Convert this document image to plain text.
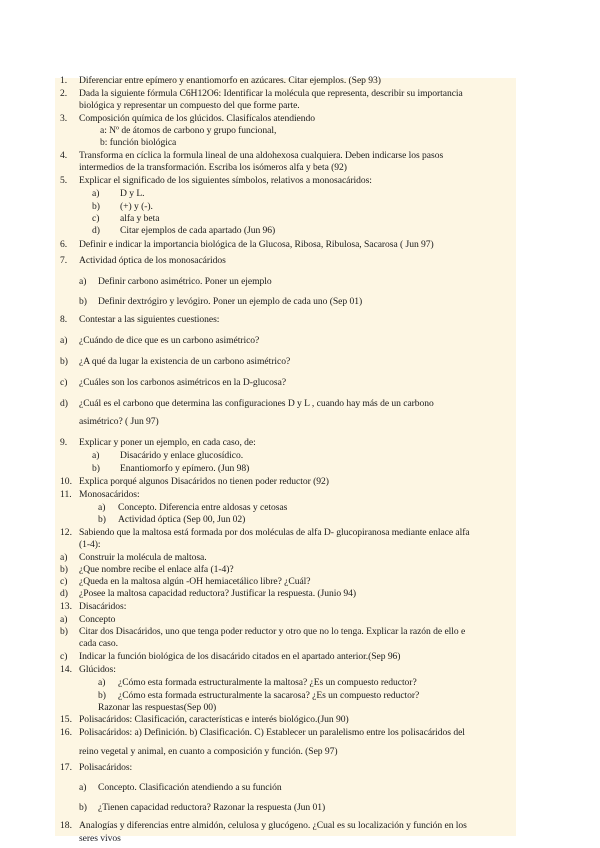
1. Diferenciar entre epímero y enantiomorfo en azúcares. Citar ejemplos. (Sep 93)
2. Dada la siguiente fórmula C6H12O6: Identificar la molécula que representa, describir su importancia
biológica y representar un compuesto del que forme parte.
3. Composición química de los glúcidos. Clasifícalos atendiendo
a: Nº de átomos de carbono y grupo funcional,
b: función biológica
4. Transforma en cíclica la formula lineal de una aldohexosa cualquiera. Deben indicarse los pasos
intermedios de la transformación. Escriba los isómeros alfa y beta (92)
5. Explicar el significado de los siguientes símbolos, relativos a monosacáridos:
a) D y L.
b) (+) y (-).
c) alfa y beta
d) Citar ejemplos de cada apartado (Jun 96)
6. Definir e indicar la importancia biológica de la Glucosa, Ribosa, Ribulosa, Sacarosa ( Jun 97)
7. Actividad óptica de los monosacáridos
a) Definir carbono asimétrico. Poner un ejemplo
b) Definir dextrógiro y levógiro. Poner un ejemplo de cada uno (Sep 01)
8. Contestar a las siguientes cuestiones:
a) ¿Cuándo de dice que es un carbono asimétrico?
b) ¿A qué da lugar la existencia de un carbono asimétrico?
c) ¿Cuáles son los carbonos asimétricos en la D-glucosa?
d) ¿Cuál es el carbono que determina las configuraciones D y L , cuando hay más de un carbono
asimétrico? ( Jun 97)
9. Explicar y poner un ejemplo, en cada caso, de:
a) Disacárido y enlace glucosídico.
b) Enantiomorfo y epímero. (Jun 98)
10. Explica porqué algunos Disacáridos no tienen poder reductor (92)
11. Monosacáridos:
a) Concepto. Diferencia entre aldosas y cetosas
b) Actividad óptica (Sep 00, Jun 02)
12. Sabiendo que la maltosa está formada por dos moléculas de alfa D- glucopiranosa mediante enlace alfa
(1-4):
a) Construir la molécula de maltosa.
b) ¿Que nombre recibe el enlace alfa (1-4)?
c) ¿Queda en la maltosa algún -OH hemiacetálico libre? ¿Cuál?
d) ¿Posee la maltosa capacidad reductora? Justificar la respuesta. (Junio 94)
13. Disacáridos:
a) Concepto
b) Citar dos Disacáridos, uno que tenga poder reductor y otro que no lo tenga. Explicar la razón de ello e
cada caso.
c) Indicar la función biológica de los disacárido citados en el apartado anterior.(Sep 96)
14. Glúcidos:
a) ¿Cómo esta formada estructuralmente la maltosa? ¿Es un compuesto reductor?
b) ¿Cómo esta formada estructuralmente la sacarosa? ¿Es un compuesto reductor?
Razonar las respuestas(Sep 00)
15. Polisacáridos: Clasificación, características e interés biológico.(Jun 90)
16. Polisacáridos: a) Definición. b) Clasificación. C) Establecer un paralelismo entre los polisacáridos del
reino vegetal y animal, en cuanto a composición y función. (Sep 97)
17. Polisacáridos:
a) Concepto. Clasificación atendiendo a su función
b) ¿Tienen capacidad reductora? Razonar la respuesta (Jun 01)
18. Analogías y diferencias entre almidón, celulosa y glucógeno. ¿Cual es su localización y función en los
seres vivos
